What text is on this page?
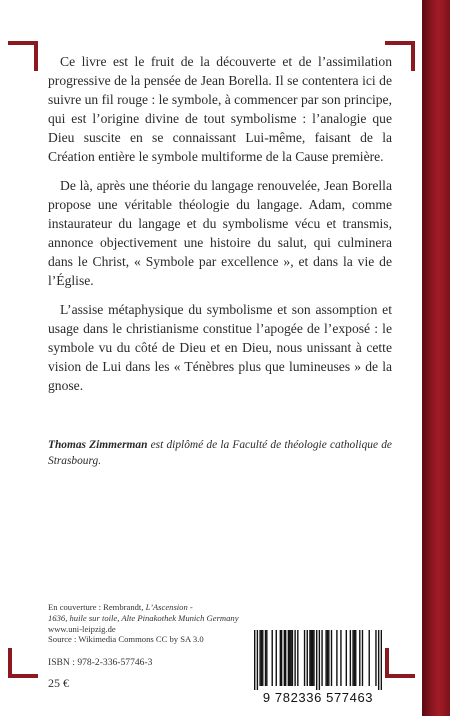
Ce livre est le fruit de la découverte et de l’assimilation progressive de la pensée de Jean Borella. Il se contentera ici de suivre un fil rouge : le symbole, à commencer par son principe, qui est l’origine divine de tout symbolisme : l’analogie que Dieu suscite en se connaissant Lui-même, faisant de la Création entière le symbole multiforme de la Cause première.

De là, après une théorie du langage renouvelée, Jean Borella propose une véritable théologie du langage. Adam, comme instaurateur du langage et du symbolisme vécu et transmis, annonce objectivement une histoire du salut, qui culminera dans le Christ, « Symbole par excellence », et dans la vie de l’Église.

L’assise métaphysique du symbolisme et son assomption et usage dans le christianisme constitue l’apogée de l’exposé : le symbole vu du côté de Dieu et en Dieu, nous unissant à cette vision de Lui dans les « Ténèbres plus que lumineuses » de la gnose.

Thomas Zimmerman est diplômé de la Faculté de théologie catholique de Strasbourg.
En couverture : Rembrandt, L’Ascension -
1636, huile sur toile, Alte Pinakothek Munich Germany
www.uni-leipzig.de
Source : Wikimedia Commons CC by SA 3.0
ISBN : 978-2-336-57746-3
25 €
9 782336 577463
